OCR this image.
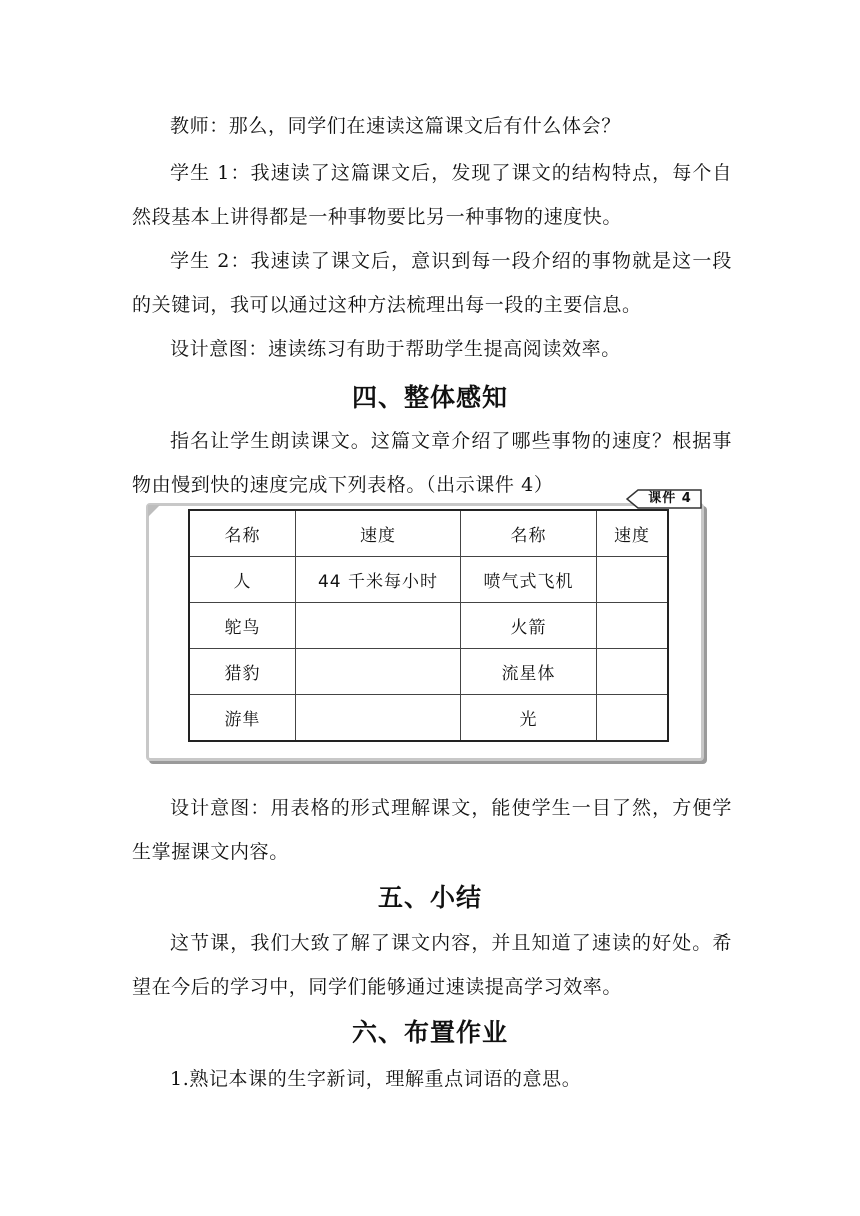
教师：那么，同学们在速读这篇课文后有什么体会？

学生 1：我速读了这篇课文后，发现了课文的结构特点，每个自然段基本上讲得都是一种事物要比另一种事物的速度快。

学生 2：我速读了课文后，意识到每一段介绍的事物就是这一段的关键词，我可以通过这种方法梳理出每一段的主要信息。

设计意图：速读练习有助于帮助学生提高阅读效率。

四、整体感知

指名让学生朗读课文。这篇文章介绍了哪些事物的速度？根据事物由慢到快的速度完成下列表格。（出示课件 4）

课件 4
名称	速度	名称	速度
人	44 千米每小时	喷气式飞机	
鸵鸟		火箭	
猎豹		流星体	
游隼		光	

设计意图：用表格的形式理解课文，能使学生一目了然，方便学生掌握课文内容。

五、小结

这节课，我们大致了解了课文内容，并且知道了速读的好处。希望在今后的学习中，同学们能够通过速读提高学习效率。

六、布置作业

1.熟记本课的生字新词，理解重点词语的意思。
